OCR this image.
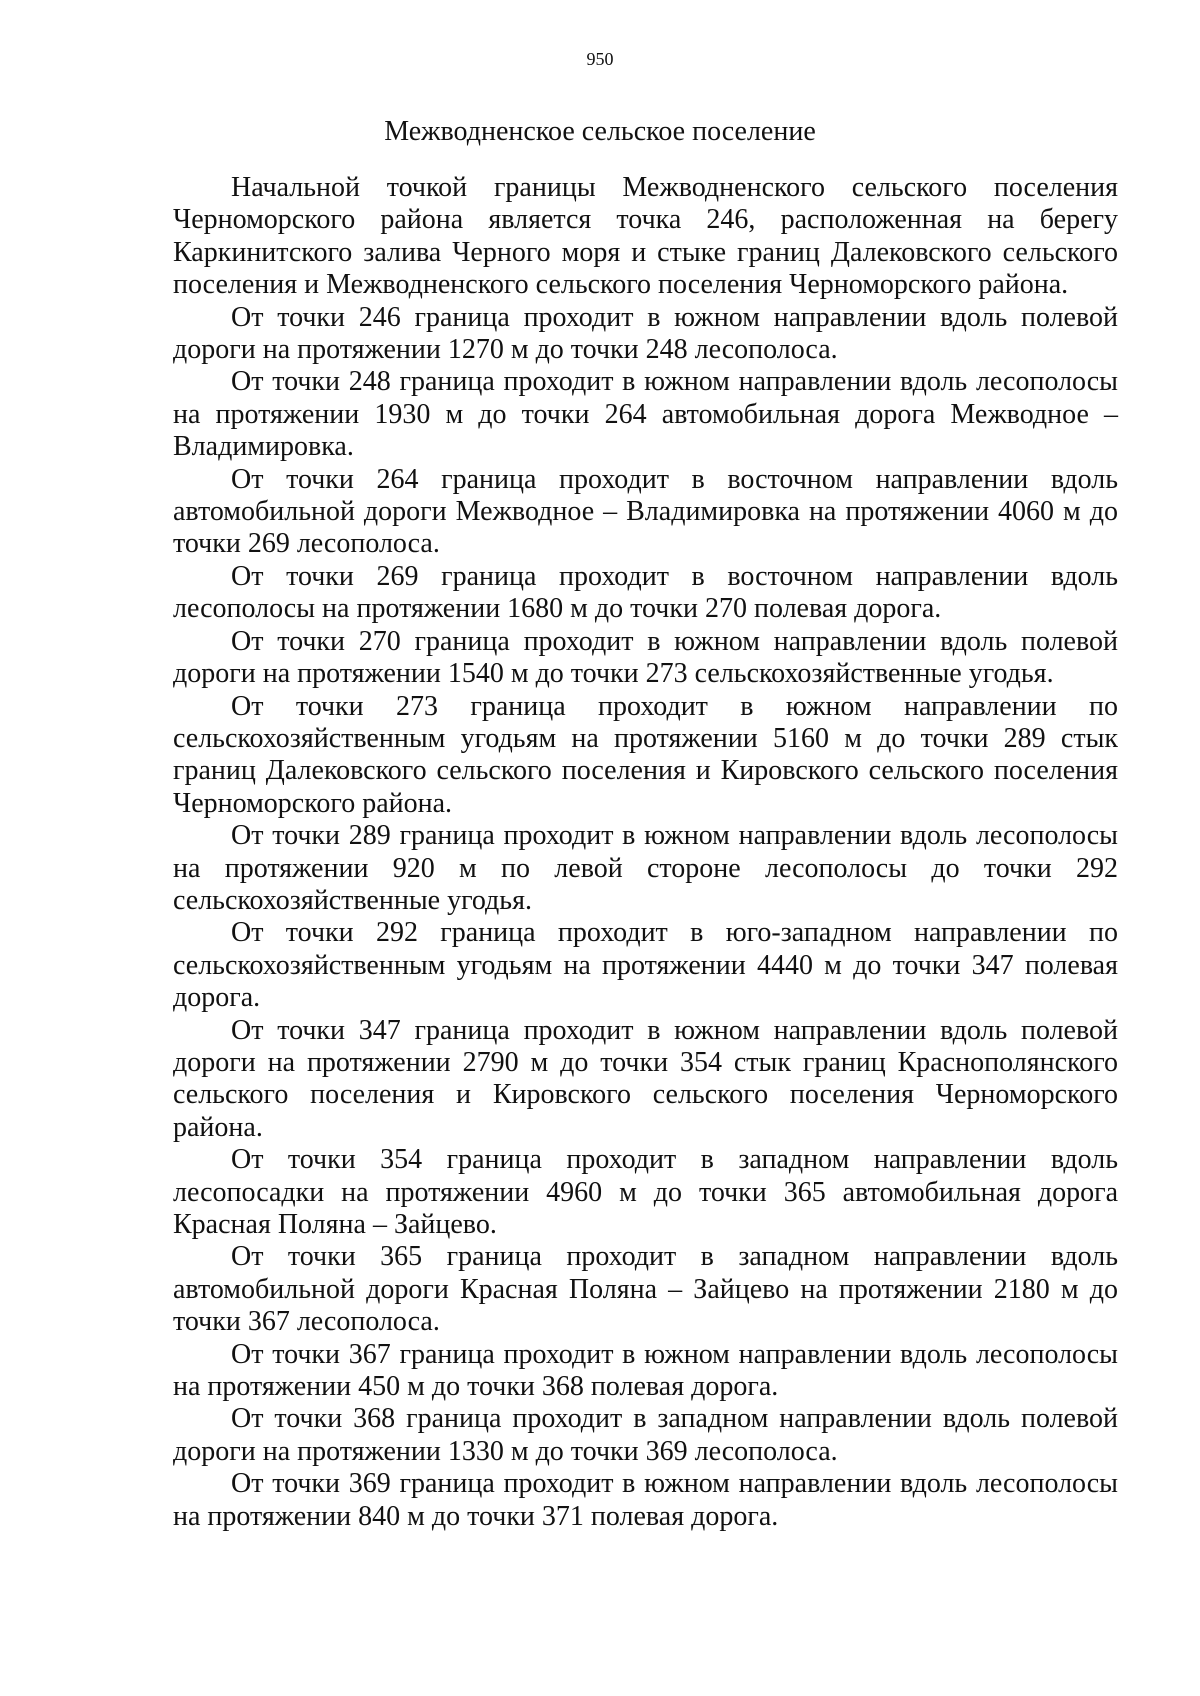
950
Межводненское сельское поселение

Начальной точкой границы Межводненского сельского поселения Черноморского района является точка 246, расположенная на берегу Каркинитского залива Черного моря и стыке границ Далековского сельского поселения и Межводненского сельского поселения Черноморского района.

От точки 246 граница проходит в южном направлении вдоль полевой дороги на протяжении 1270 м до точки 248 лесополоса.

От точки 248 граница проходит в южном направлении вдоль лесополосы на протяжении 1930 м до точки 264 автомобильная дорога Межводное – Владимировка.

От точки 264 граница проходит в восточном направлении вдоль автомобильной дороги Межводное – Владимировка на протяжении 4060 м до точки 269 лесополоса.

От точки 269 граница проходит в восточном направлении вдоль лесополосы на протяжении 1680 м до точки 270 полевая дорога.

От точки 270 граница проходит в южном направлении вдоль полевой дороги на протяжении 1540 м до точки 273 сельскохозяйственные угодья.

От точки 273 граница проходит в южном направлении по сельскохозяйственным угодьям на протяжении 5160 м до точки 289 стык границ Далековского сельского поселения и Кировского сельского поселения Черноморского района.

От точки 289 граница проходит в южном направлении вдоль лесополосы на протяжении 920 м по левой стороне лесополосы до точки 292 сельскохозяйственные угодья.

От точки 292 граница проходит в юго-западном направлении по сельскохозяйственным угодьям на протяжении 4440 м до точки 347 полевая дорога.

От точки 347 граница проходит в южном направлении вдоль полевой дороги на протяжении 2790 м до точки 354 стык границ Краснополянского сельского поселения и Кировского сельского поселения Черноморского района.

От точки 354 граница проходит в западном направлении вдоль лесопосадки на протяжении 4960 м до точки 365 автомобильная дорога Красная Поляна – Зайцево.

От точки 365 граница проходит в западном направлении вдоль автомобильной дороги Красная Поляна – Зайцево на протяжении 2180 м до точки 367 лесополоса.

От точки 367 граница проходит в южном направлении вдоль лесополосы на протяжении 450 м до точки 368 полевая дорога.

От точки 368 граница проходит в западном направлении вдоль полевой дороги на протяжении 1330 м до точки 369 лесополоса.

От точки 369 граница проходит в южном направлении вдоль лесополосы на протяжении 840 м до точки 371 полевая дорога.
